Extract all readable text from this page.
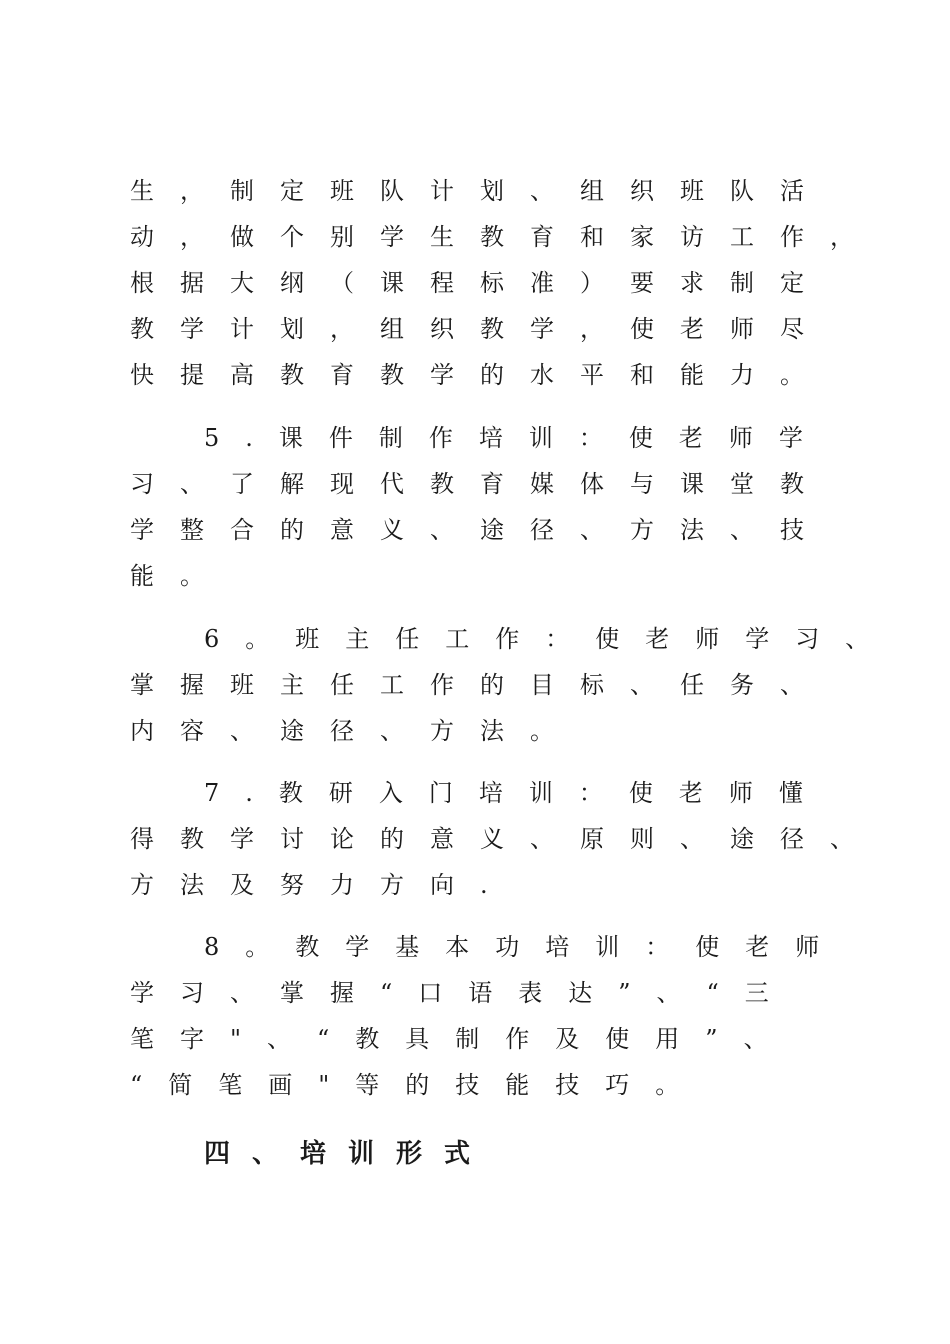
生，制定班队计划、组织班队活
动，做个别学生教育和家访工作，
根据大纲（课程标准）要求制定
教学计划，组织教学，使老师尽
快提高教育教学的水平和能力。
5.课件制作培训：使老师学
习、了解现代教育媒体与课堂教
学整合的意义、途径、方法、技
能。
6。班主任工作：使老师学习、
掌握班主任工作的目标、任务、
内容、途径、方法。
7.教研入门培训：使老师懂
得教学讨论的意义、原则、途径、
方法及努力方向.
8。教学基本功培训：使老师
学习、掌握“口语表达”、“三
笔字"、“教具制作及使用”、
“简笔画"等的技能技巧。
四、培训形式
